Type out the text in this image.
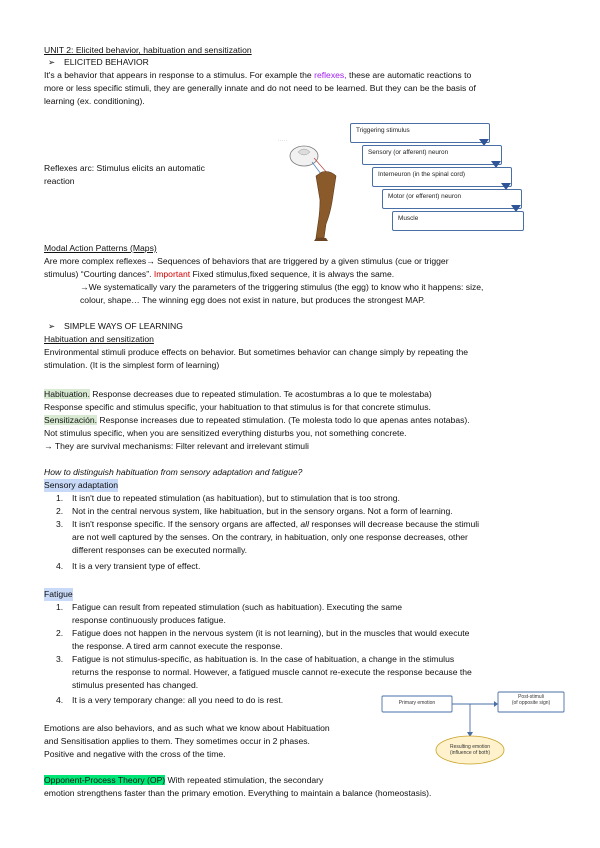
UNIT 2: Elicited behavior, habituation and sensitization
➢ ELICITED BEHAVIOR
It's a behavior that appears in response to a stimulus. For example the reflexes, these are automatic reactions to
more or less specific stimuli, they are generally innate and do not need to be learned. But they can be the basis of
learning (ex. conditioning).
Reflexes arc: Stimulus elicits an automatic
reaction
· · · · ·
Triggering stimulus
Sensory (or afferent) neuron
Interneuron (in the spinal cord)
Motor (or efferent) neuron
Muscle
Modal Action Patterns (Maps)
Are more complex reflexes→ Sequences of behaviors that are triggered by a given stimulus (cue or trigger
stimulus) “Courting dances”. Important Fixed stimulus,fixed sequence, it is always the same.
→We systematically vary the parameters of the triggering stimulus (the egg) to know who it happens: size,
colour, shape… The winning egg does not exist in nature, but produces the strongest MAP.
➢ SIMPLE WAYS OF LEARNING
Habituation and sensitization
Environmental stimuli produce effects on behavior. But sometimes behavior can change simply by repeating the
stimulation. (It is the simplest form of learning)
Habituation. Response decreases due to repeated stimulation. Te acostumbras a lo que te molestaba)
Response specific and stimulus specific, your habituation to that stimulus is for that concrete stimulus.
Sensitización. Response increases due to repeated stimulation. (Te molesta todo lo que apenas antes notabas).
Not stimulus specific, when you are sensitized everything disturbs you, not something concrete.
→ They are survival mechanisms: Filter relevant and irrelevant stimuli
How to distinguish habituation from sensory adaptation and fatigue?
Sensory adaptation
1. It isn't due to repeated stimulation (as habituation), but to stimulation that is too strong.
2. Not in the central nervous system, like habituation, but in the sensory organs. Not a form of learning.
3. It isn't response specific. If the sensory organs are affected, all responses will decrease because the stimuli
are not well captured by the senses. On the contrary, in habituation, only one response decreases, other
different responses can be executed normally.
4. It is a very transient type of effect.
Fatigue
1. Fatigue can result from repeated stimulation (such as habituation). Executing the same
response continuously produces fatigue.
2. Fatigue does not happen in the nervous system (it is not learning), but in the muscles that would execute
the response. A tired arm cannot execute the response.
3. Fatigue is not stimulus-specific, as habituation is. In the case of habituation, a change in the stimulus
returns the response to normal. However, a fatigued muscle cannot re-execute the response because the
stimulus presented has changed.
4. It is a very temporary change: all you need to do is rest.
Emotions are also behaviors, and as such what we know about Habituation
and Sensitisation applies to them. They sometimes occur in 2 phases.
Positive and negative with the cross of the time.
Primary emotion
Post-stimuli
(of opposite sign)
Resulting emotion
(influence of both)
Opponent-Process Theory (OP) With repeated stimulation, the secondary
emotion strengthens faster than the primary emotion. Everything to maintain a balance (homeostasis).
